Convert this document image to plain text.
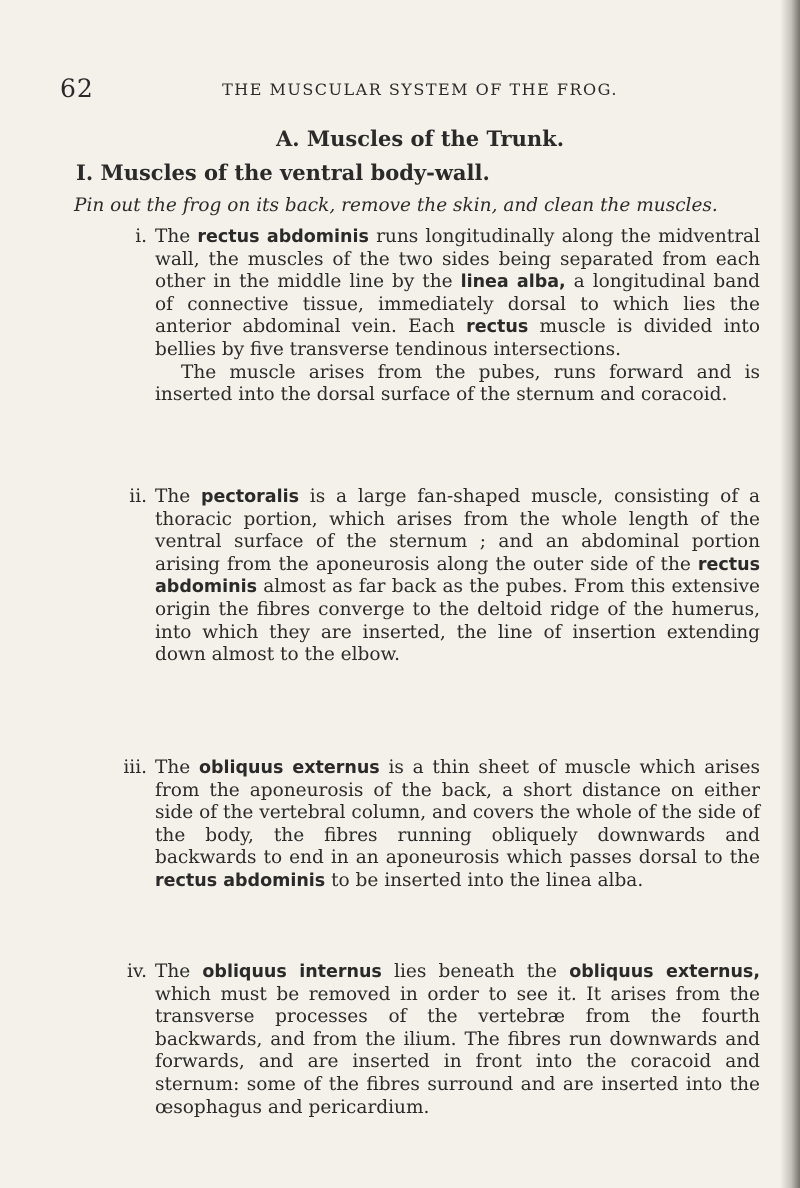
62	THE MUSCULAR SYSTEM OF THE FROG.
A. Muscles of the Trunk.
I. Muscles of the ventral body-wall.
Pin out the frog on its back, remove the skin, and clean the muscles.
i. The rectus abdominis runs longitudinally along the midventral wall, the muscles of the two sides being separated from each other in the middle line by the linea alba, a longitudinal band of connective tissue, immediately dorsal to which lies the anterior abdominal vein. Each rectus muscle is divided into bellies by five transverse tendinous intersections.

The muscle arises from the pubes, runs forward and is inserted into the dorsal surface of the sternum and coracoid.

ii. The pectoralis is a large fan-shaped muscle, consisting of a thoracic portion, which arises from the whole length of the ventral surface of the sternum ; and an abdominal portion arising from the aponeurosis along the outer side of the rectus abdominis almost as far back as the pubes. From this extensive origin the fibres converge to the deltoid ridge of the humerus, into which they are inserted, the line of insertion extending down almost to the elbow.

iii. The obliquus externus is a thin sheet of muscle which arises from the aponeurosis of the back, a short distance on either side of the vertebral column, and covers the whole of the side of the body, the fibres running obliquely downwards and backwards to end in an aponeurosis which passes dorsal to the rectus abdominis to be inserted into the linea alba.

iv. The obliquus internus lies beneath the obliquus externus, which must be removed in order to see it. It arises from the transverse processes of the vertebræ from the fourth backwards, and from the ilium. The fibres run downwards and forwards, and are inserted in front into the coracoid and sternum: some of the fibres surround and are inserted into the œsophagus and pericardium.
